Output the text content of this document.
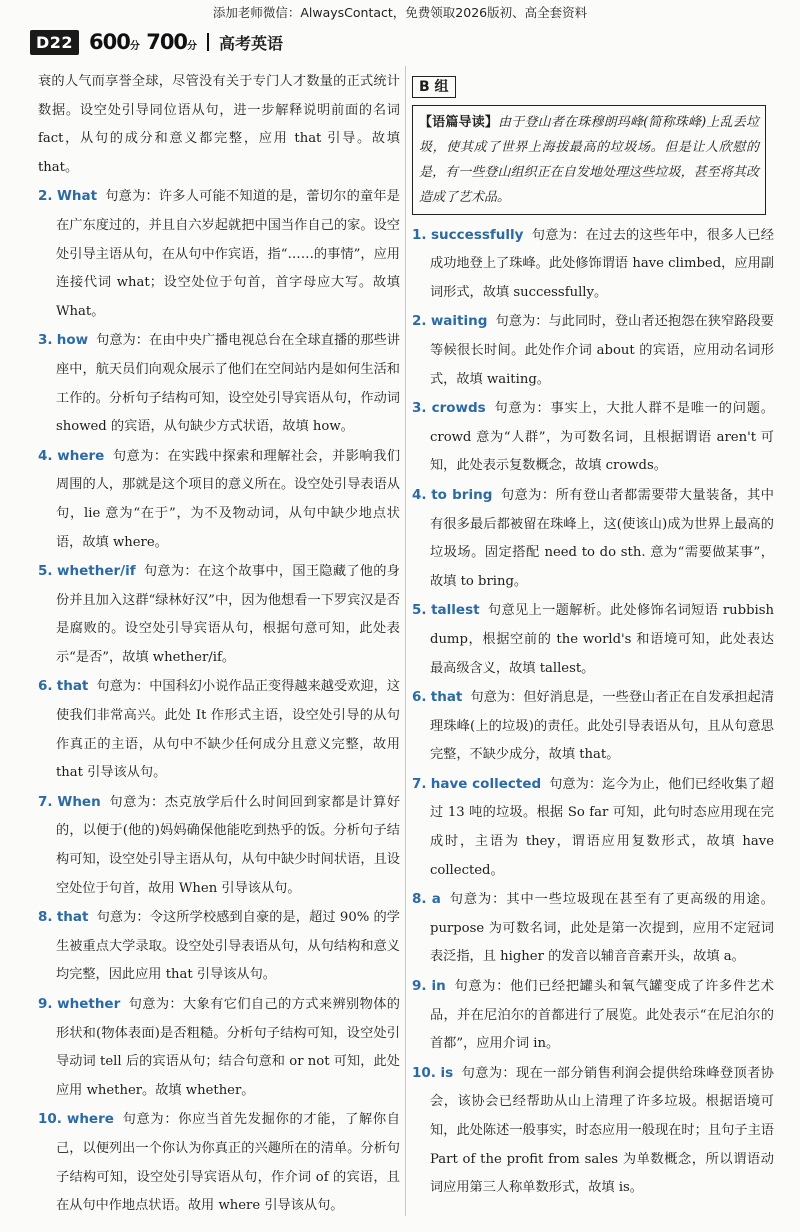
添加老师微信：AlwaysContact，免费领取2026版初、高全套资料
D22 600分 700分 高考英语

衰的人气而享誉全球，尽管没有关于专门人才数量的正式统计数据。设空处引导同位语从句，进一步解释说明前面的名词 fact，从句的成分和意义都完整，应用 that 引导。故填 that。

2. What 句意为：许多人可能不知道的是，蕾切尔的童年是在广东度过的，并且自六岁起就把中国当作自己的家。设空处引导主语从句，在从句中作宾语，指“……的事情”，应用连接代词 what；设空处位于句首，首字母应大写。故填 What。

3. how 句意为：在由中央广播电视总台在全球直播的那些讲座中，航天员们向观众展示了他们在空间站内是如何生活和工作的。分析句子结构可知，设空处引导宾语从句，作动词 showed 的宾语，从句缺少方式状语，故填 how。

4. where 句意为：在实践中探索和理解社会，并影响我们周围的人，那就是这个项目的意义所在。设空处引导表语从句，lie 意为“在于”，为不及物动词，从句中缺少地点状语，故填 where。

5. whether/if 句意为：在这个故事中，国王隐藏了他的身份并且加入这群“绿林好汉”中，因为他想看一下罗宾汉是否是腐败的。设空处引导宾语从句，根据句意可知，此处表示“是否”，故填 whether/if。

6. that 句意为：中国科幻小说作品正变得越来越受欢迎，这使我们非常高兴。此处 It 作形式主语，设空处引导的从句作真正的主语，从句中不缺少任何成分且意义完整，故用 that 引导该从句。

7. When 句意为：杰克放学后什么时间回到家都是计算好的，以便于(他的)妈妈确保他能吃到热乎的饭。分析句子结构可知，设空处引导主语从句，从句中缺少时间状语，且设空处位于句首，故用 When 引导该从句。

8. that 句意为：令这所学校感到自豪的是，超过 90% 的学生被重点大学录取。设空处引导表语从句，从句结构和意义均完整，因此应用 that 引导该从句。

9. whether 句意为：大象有它们自己的方式来辨别物体的形状和(物体表面)是否粗糙。分析句子结构可知，设空处引导动词 tell 后的宾语从句；结合句意和 or not 可知，此处应用 whether。故填 whether。

10. where 句意为：你应当首先发掘你的才能，了解你自己，以便列出一个你认为你真正的兴趣所在的清单。分析句子结构可知，设空处引导宾语从句，作介词 of 的宾语，且在从句中作地点状语。故用 where 引导该从句。

B 组
【语篇导读】由于登山者在珠穆朗玛峰(简称珠峰)上乱丢垃圾，使其成了世界上海拔最高的垃圾场。但是让人欣慰的是，有一些登山组织正在自发地处理这些垃圾，甚至将其改造成了艺术品。

1. successfully 句意为：在过去的这些年中，很多人已经成功地登上了珠峰。此处修饰谓语 have climbed，应用副词形式，故填 successfully。

2. waiting 句意为：与此同时，登山者还抱怨在狭窄路段要等候很长时间。此处作介词 about 的宾语，应用动名词形式，故填 waiting。

3. crowds 句意为：事实上，大批人群不是唯一的问题。crowd 意为“人群”，为可数名词，且根据谓语 aren't 可知，此处表示复数概念，故填 crowds。

4. to bring 句意为：所有登山者都需要带大量装备，其中有很多最后都被留在珠峰上，这(使该山)成为世界上最高的垃圾场。固定搭配 need to do sth. 意为“需要做某事”，故填 to bring。

5. tallest 句意见上一题解析。此处修饰名词短语 rubbish dump，根据空前的 the world's 和语境可知，此处表达最高级含义，故填 tallest。

6. that 句意为：但好消息是，一些登山者正在自发承担起清理珠峰(上的垃圾)的责任。此处引导表语从句，且从句意思完整，不缺少成分，故填 that。

7. have collected 句意为：迄今为止，他们已经收集了超过 13 吨的垃圾。根据 So far 可知，此句时态应用现在完成时，主语为 they，谓语应用复数形式，故填 have collected。

8. a 句意为：其中一些垃圾现在甚至有了更高级的用途。purpose 为可数名词，此处是第一次提到，应用不定冠词表泛指，且 higher 的发音以辅音音素开头，故填 a。

9. in 句意为：他们已经把罐头和氧气罐变成了许多件艺术品，并在尼泊尔的首都进行了展览。此处表示“在尼泊尔的首都”，应用介词 in。

10. is 句意为：现在一部分销售利润会提供给珠峰登顶者协会，该协会已经帮助从山上清理了许多垃圾。根据语境可知，此处陈述一般事实，时态应用一般现在时；且句子主语 Part of the profit from sales 为单数概念，所以谓语动词应用第三人称单数形式，故填 is。
